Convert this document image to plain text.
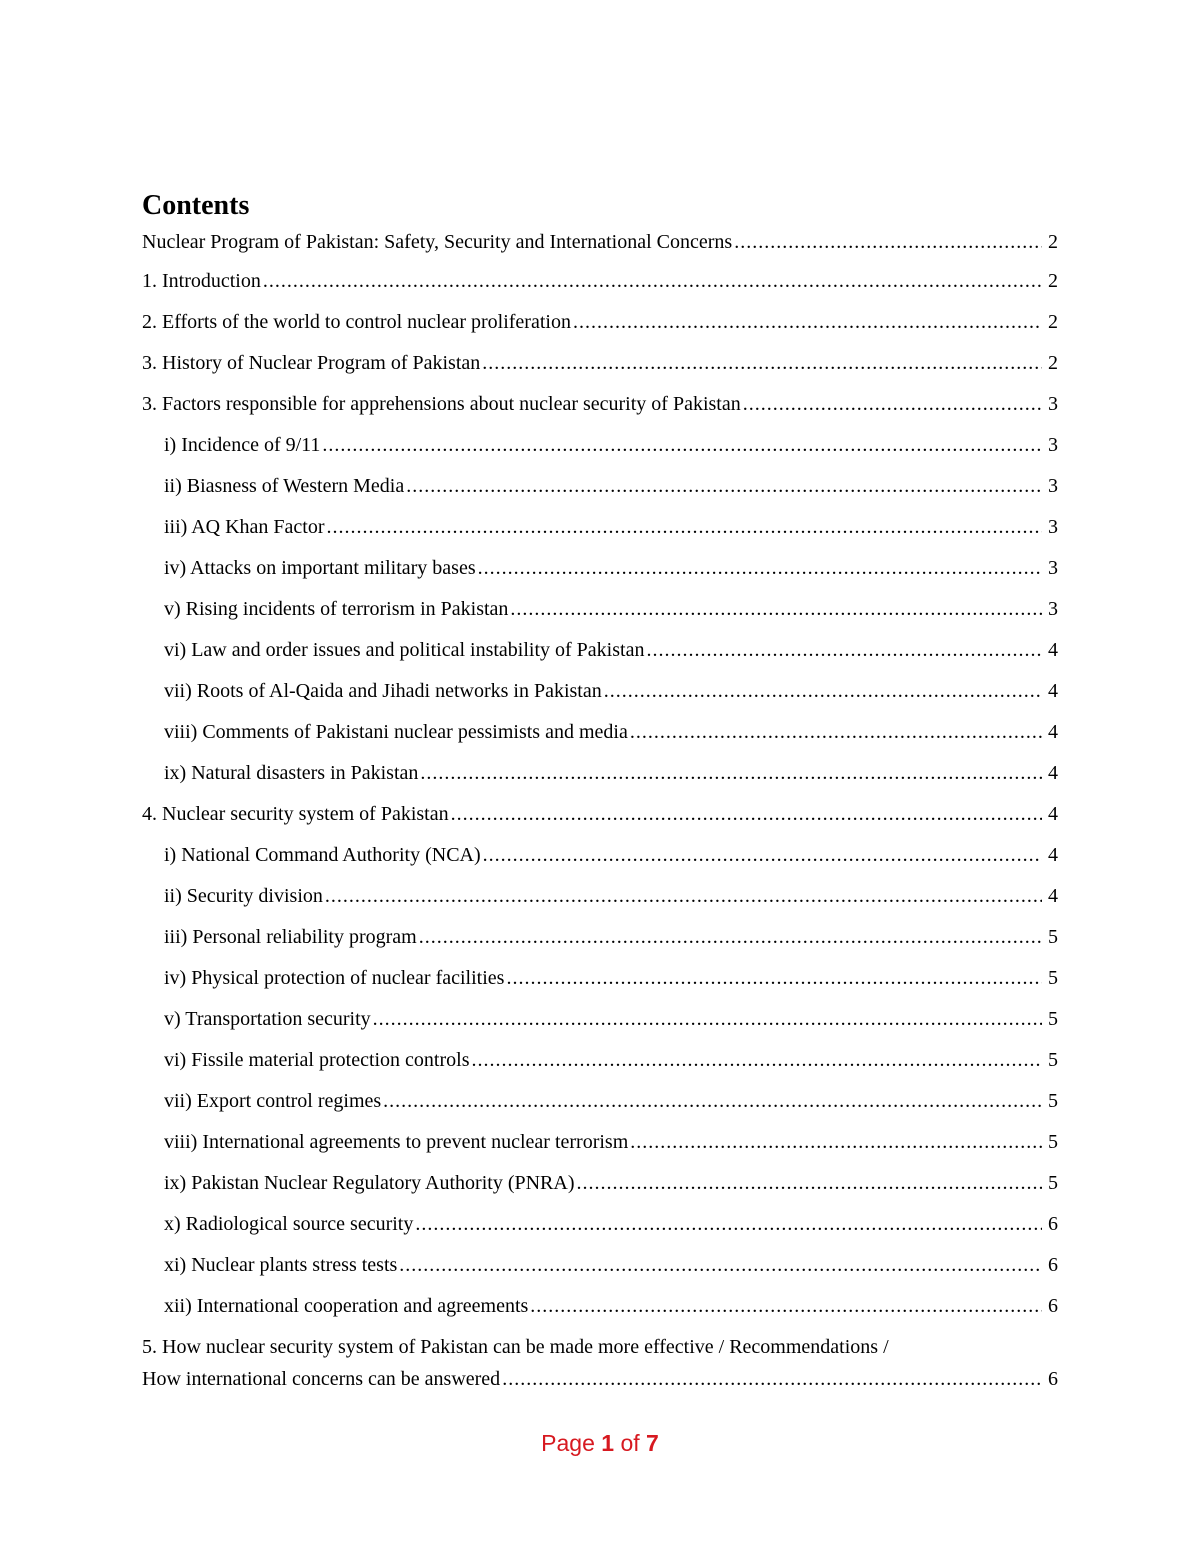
Contents
Nuclear Program of Pakistan: Safety, Security and International Concerns .....	2
1. Introduction .....	2
2. Efforts of the world to control nuclear proliferation .....	2
3. History of Nuclear Program of Pakistan .....	2
3. Factors responsible for apprehensions about nuclear security of Pakistan .....	3
i) Incidence of 9/11 .....	3
ii) Biasness of Western Media .....	3
iii) AQ Khan Factor .....	3
iv) Attacks on important military bases .....	3
v) Rising incidents of terrorism in Pakistan .....	3
vi) Law and order issues and political instability of Pakistan .....	4
vii) Roots of Al-Qaida and Jihadi networks in Pakistan .....	4
viii) Comments of Pakistani nuclear pessimists and media .....	4
ix) Natural disasters in Pakistan .....	4
4. Nuclear security system of Pakistan .....	4
i) National Command Authority (NCA) .....	4
ii) Security division .....	4
iii) Personal reliability program .....	5
iv) Physical protection of nuclear facilities .....	5
v) Transportation security .....	5
vi) Fissile material protection controls .....	5
vii) Export control regimes .....	5
viii) International agreements to prevent nuclear terrorism .....	5
ix) Pakistan Nuclear Regulatory Authority (PNRA) .....	5
x) Radiological source security .....	6
xi) Nuclear plants stress tests .....	6
xii) International cooperation and agreements .....	6
5. How nuclear security system of Pakistan can be made more effective / Recommendations /
How international concerns can be answered .....	6
Page 1 of 7
